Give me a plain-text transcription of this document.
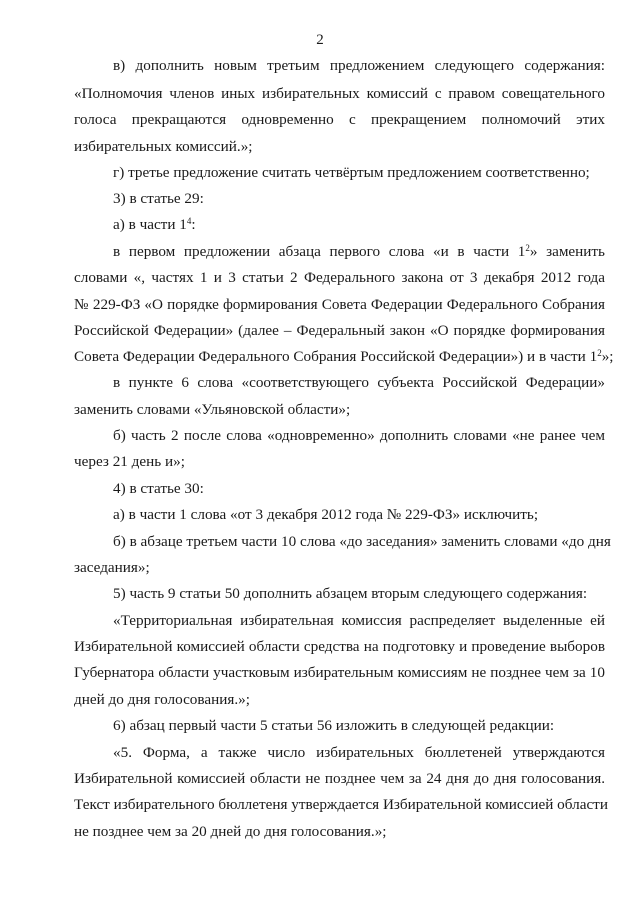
2
в) дополнить новым третьим предложением следующего содержания:
«Полномочия членов иных избирательных комиссий с правом совещательного
голоса прекращаются одновременно с прекращением полномочий этих
избирательных комиссий.»;
г) третье предложение считать четвёртым предложением соответственно;
3) в статье 29:
а) в части $1^4$:
в первом предложении абзаца первого слова «и в части $1^2$» заменить
словами «, частях 1 и 3 статьи 2 Федерального закона от 3 декабря 2012 года
№ 229-ФЗ «О порядке формирования Совета Федерации Федерального Собрания
Российской Федерации» (далее – Федеральный закон «О порядке формирования
Совета Федерации Федерального Собрания Российской Федерации») и в части $1^2$»;
в пункте 6 слова «соответствующего субъекта Российской Федерации»
заменить словами «Ульяновской области»;
б) часть 2 после слова «одновременно» дополнить словами «не ранее чем
через 21 день и»;
4) в статье 30:
а) в части 1 слова «от 3 декабря 2012 года № 229-ФЗ» исключить;
б) в абзаце третьем части 10 слова «до заседания» заменить словами «до дня
заседания»;
5) часть 9 статьи 50 дополнить абзацем вторым следующего содержания:
«Территориальная избирательная комиссия распределяет выделенные ей
Избирательной комиссией области средства на подготовку и проведение выборов
Губернатора области участковым избирательным комиссиям не позднее чем за 10
дней до дня голосования.»;
6) абзац первый части 5 статьи 56 изложить в следующей редакции:
«5. Форма, а также число избирательных бюллетеней утверждаются
Избирательной комиссией области не позднее чем за 24 дня до дня голосования.
Текст избирательного бюллетеня утверждается Избирательной комиссией области
не позднее чем за 20 дней до дня голосования.»;
